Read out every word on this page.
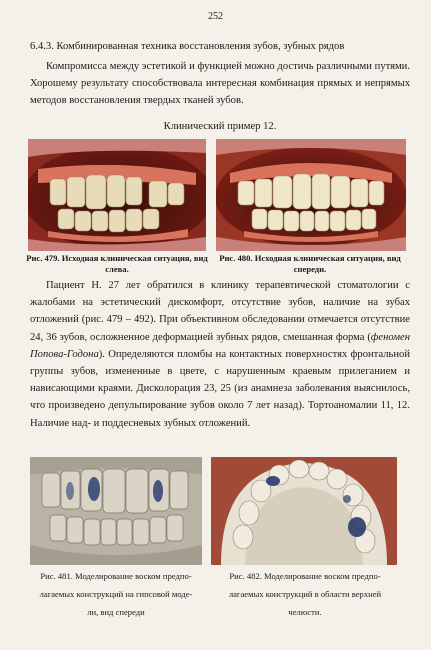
252

6.4.3. Комбинированная техника восстановления зубов, зубных рядов

Компромисса между эстетикой и функцией можно достичь различными путями. Хорошему результату способствовала интересная комбинация прямых и непрямых методов восстановления твердых тканей зубов.

Клинический пример 12.

Рис. 479. Исходная клиническая ситуация, вид слева.
Рис. 480. Исходная клиническая ситуация, вид спереди.

Пациент Н. 27 лет обратился в клинику терапевтической стоматологии с жалобами на эстетический дискомфорт, отсутствие зубов, наличие на зубах отложений (рис. 479 – 492). При объективном обследовании отмечается отсутствие 24, 36 зубов, осложненное деформацией зубных рядов, смешанная форма (феномен Попова-Годона). Определяются пломбы на контактных поверхностях фронтальной группы зубов, измененные в цвете, с нарушенным краевым прилеганием и нависающими краями. Дисколорация 23, 25 (из анамнеза заболевания выяснилось, что произведено депульпирование зубов около 7 лет назад). Тортоаномалии 11, 12. Наличие над- и поддесневых зубных отложений.

Рис. 481. Моделирование воском предпо-
лагаемых конструкций на гипсовой моде-
ли, вид спереди
Рис. 482. Моделирование воском предпо-
лагаемых конструкций в области верхней
челюсти.
